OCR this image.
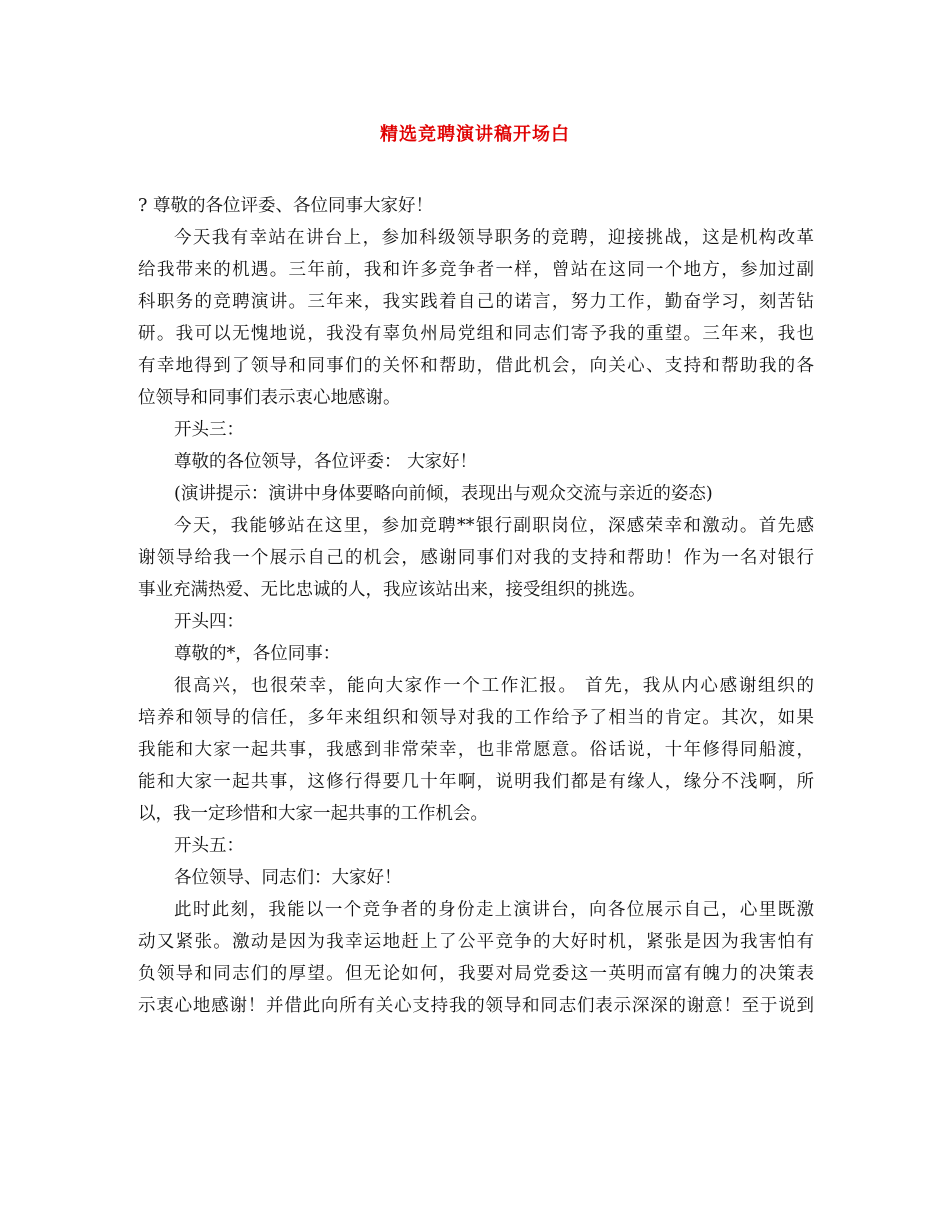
精选竞聘演讲稿开场白
? 尊敬的各位评委、各位同事大家好！
今天我有幸站在讲台上，参加科级领导职务的竞聘，迎接挑战，这是机构改革
给我带来的机遇。三年前，我和许多竞争者一样，曾站在这同一个地方，参加过副
科职务的竞聘演讲。三年来，我实践着自己的诺言，努力工作，勤奋学习，刻苦钻
研。我可以无愧地说，我没有辜负州局党组和同志们寄予我的重望。三年来，我也
有幸地得到了领导和同事们的关怀和帮助，借此机会，向关心、支持和帮助我的各
位领导和同事们表示衷心地感谢。
开头三：
尊敬的各位领导，各位评委： 大家好！
(演讲提示：演讲中身体要略向前倾，表现出与观众交流与亲近的姿态)
今天，我能够站在这里，参加竞聘**银行副职岗位，深感荣幸和激动。首先感
谢领导给我一个展示自己的机会，感谢同事们对我的支持和帮助！作为一名对银行
事业充满热爱、无比忠诚的人，我应该站出来，接受组织的挑选。
开头四：
尊敬的*，各位同事：
很高兴，也很荣幸，能向大家作一个工作汇报。 首先，我从内心感谢组织的
培养和领导的信任，多年来组织和领导对我的工作给予了相当的肯定。其次，如果
我能和大家一起共事，我感到非常荣幸，也非常愿意。俗话说，十年修得同船渡，
能和大家一起共事，这修行得要几十年啊，说明我们都是有缘人，缘分不浅啊，所
以，我一定珍惜和大家一起共事的工作机会。
开头五：
各位领导、同志们：大家好！
此时此刻，我能以一个竞争者的身份走上演讲台，向各位展示自己，心里既激
动又紧张。激动是因为我幸运地赶上了公平竞争的大好时机，紧张是因为我害怕有
负领导和同志们的厚望。但无论如何，我要对局党委这一英明而富有魄力的决策表
示衷心地感谢！并借此向所有关心支持我的领导和同志们表示深深的谢意！至于说到
